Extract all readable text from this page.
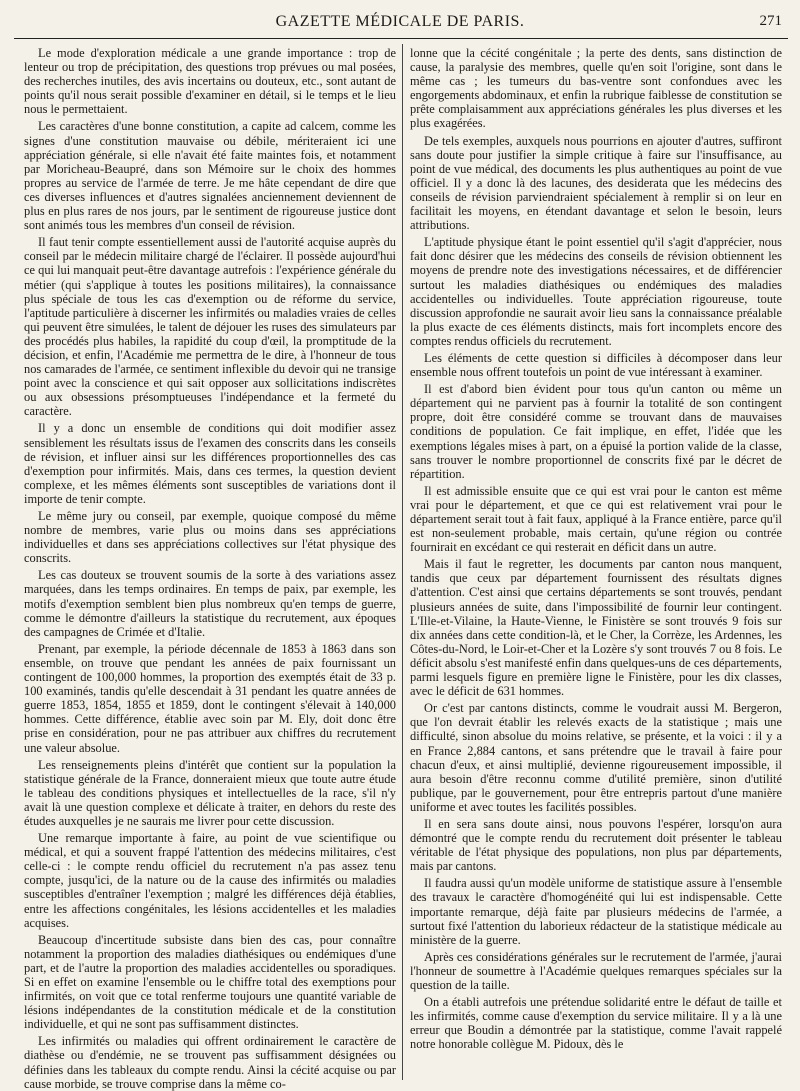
GAZETTE MÉDICALE DE PARIS.	271

Le mode d'exploration médicale a une grande importance : trop de lenteur ou trop de précipitation, des questions trop prévues ou mal posées, des recherches inutiles, des avis incertains ou douteux, etc., sont autant de points qu'il nous serait possible d'examiner en détail, si le temps et le lieu nous le permettaient.

Les caractères d'une bonne constitution, a capite ad calcem, comme les signes d'une constitution mauvaise ou débile, mériteraient ici une appréciation générale, si elle n'avait été faite maintes fois, et notamment par Moricheau-Beaupré, dans son Mémoire sur le choix des hommes propres au service de l'armée de terre. Je me hâte cependant de dire que ces diverses influences et d'autres signalées anciennement deviennent de plus en plus rares de nos jours, par le sentiment de rigoureuse justice dont sont animés tous les membres d'un conseil de révision.

Il faut tenir compte essentiellement aussi de l'autorité acquise auprès du conseil par le médecin militaire chargé de l'éclairer. Il possède aujourd'hui ce qui lui manquait peut-être davantage autrefois : l'expérience générale du métier (qui s'applique à toutes les positions militaires), la connaissance plus spéciale de tous les cas d'exemption ou de réforme du service, l'aptitude particulière à discerner les infirmités ou maladies vraies de celles qui peuvent être simulées, le talent de déjouer les ruses des simulateurs par des procédés plus habiles, la rapidité du coup d'œil, la promptitude de la décision, et enfin, l'Académie me permettra de le dire, à l'honneur de tous nos camarades de l'armée, ce sentiment inflexible du devoir qui ne transige point avec la conscience et qui sait opposer aux sollicitations indiscrètes ou aux obsessions présomptueuses l'indépendance et la fermeté du caractère.

Il y a donc un ensemble de conditions qui doit modifier assez sensiblement les résultats issus de l'examen des conscrits dans les conseils de révision, et influer ainsi sur les différences proportionnelles des cas d'exemption pour infirmités. Mais, dans ces termes, la question devient complexe, et les mêmes éléments sont susceptibles de variations dont il importe de tenir compte.

Le même jury ou conseil, par exemple, quoique composé du même nombre de membres, varie plus ou moins dans ses appréciations individuelles et dans ses appréciations collectives sur l'état physique des conscrits.

Les cas douteux se trouvent soumis de la sorte à des variations assez marquées, dans les temps ordinaires. En temps de paix, par exemple, les motifs d'exemption semblent bien plus nombreux qu'en temps de guerre, comme le démontre d'ailleurs la statistique du recrutement, aux époques des campagnes de Crimée et d'Italie.

Prenant, par exemple, la période décennale de 1853 à 1863 dans son ensemble, on trouve que pendant les années de paix fournissant un contingent de 100,000 hommes, la proportion des exemptés était de 33 p. 100 examinés, tandis qu'elle descendait à 31 pendant les quatre années de guerre 1853, 1854, 1855 et 1859, dont le contingent s'élevait à 140,000 hommes. Cette différence, établie avec soin par M. Ely, doit donc être prise en considération, pour ne pas attribuer aux chiffres du recrutement une valeur absolue.

Les renseignements pleins d'intérêt que contient sur la population la statistique générale de la France, donneraient mieux que toute autre étude le tableau des conditions physiques et intellectuelles de la race, s'il n'y avait là une question complexe et délicate à traiter, en dehors du reste des études auxquelles je ne saurais me livrer pour cette discussion.

Une remarque importante à faire, au point de vue scientifique ou médical, et qui a souvent frappé l'attention des médecins militaires, c'est celle-ci : le compte rendu officiel du recrutement n'a pas assez tenu compte, jusqu'ici, de la nature ou de la cause des infirmités ou maladies susceptibles d'entraîner l'exemption ; malgré les différences déjà établies, entre les affections congénitales, les lésions accidentelles et les maladies acquises.

Beaucoup d'incertitude subsiste dans bien des cas, pour connaître notamment la proportion des maladies diathésiques ou endémiques d'une part, et de l'autre la proportion des maladies accidentelles ou sporadiques. Si en effet on examine l'ensemble ou le chiffre total des exemptions pour infirmités, on voit que ce total renferme toujours une quantité variable de lésions indépendantes de la constitution médicale et de la constitution individuelle, et qui ne sont pas suffisamment distinctes.

Les infirmités ou maladies qui offrent ordinairement le caractère de diathèse ou d'endémie, ne se trouvent pas suffisamment désignées ou définies dans les tableaux du compte rendu. Ainsi la cécité acquise ou par cause morbide, se trouve comprise dans la même co-

lonne que la cécité congénitale ; la perte des dents, sans distinction de cause, la paralysie des membres, quelle qu'en soit l'origine, sont dans le même cas ; les tumeurs du bas-ventre sont confondues avec les engorgements abdominaux, et enfin la rubrique faiblesse de constitution se prête complaisamment aux appréciations générales les plus diverses et les plus exagérées.

De tels exemples, auxquels nous pourrions en ajouter d'autres, suffiront sans doute pour justifier la simple critique à faire sur l'insuffisance, au point de vue médical, des documents les plus authentiques au point de vue officiel. Il y a donc là des lacunes, des desiderata que les médecins des conseils de révision parviendraient spécialement à remplir si on leur en facilitait les moyens, en étendant davantage et selon le besoin, leurs attributions.

L'aptitude physique étant le point essentiel qu'il s'agit d'apprécier, nous fait donc désirer que les médecins des conseils de révision obtiennent les moyens de prendre note des investigations nécessaires, et de différencier surtout les maladies diathésiques ou endémiques des maladies accidentelles ou individuelles. Toute appréciation rigoureuse, toute discussion approfondie ne saurait avoir lieu sans la connaissance préalable la plus exacte de ces éléments distincts, mais fort incomplets encore des comptes rendus officiels du recrutement.

Les éléments de cette question si difficiles à décomposer dans leur ensemble nous offrent toutefois un point de vue intéressant à examiner.

Il est d'abord bien évident pour tous qu'un canton ou même un département qui ne parvient pas à fournir la totalité de son contingent propre, doit être considéré comme se trouvant dans de mauvaises conditions de population. Ce fait implique, en effet, l'idée que les exemptions légales mises à part, on a épuisé la portion valide de la classe, sans trouver le nombre proportionnel de conscrits fixé par le décret de répartition.

Il est admissible ensuite que ce qui est vrai pour le canton est même vrai pour le département, et que ce qui est relativement vrai pour le département serait tout à fait faux, appliqué à la France entière, parce qu'il est non-seulement probable, mais certain, qu'une région ou contrée fournirait en excédant ce qui resterait en déficit dans un autre.

Mais il faut le regretter, les documents par canton nous manquent, tandis que ceux par département fournissent des résultats dignes d'attention. C'est ainsi que certains départements se sont trouvés, pendant plusieurs années de suite, dans l'impossibilité de fournir leur contingent. L'Ille-et-Vilaine, la Haute-Vienne, le Finistère se sont trouvés 9 fois sur dix années dans cette condition-là, et le Cher, la Corrèze, les Ardennes, les Côtes-du-Nord, le Loir-et-Cher et la Lozère s'y sont trouvés 7 ou 8 fois. Le déficit absolu s'est manifesté enfin dans quelques-uns de ces départements, parmi lesquels figure en première ligne le Finistère, pour les dix classes, avec le déficit de 631 hommes.

Or c'est par cantons distincts, comme le voudrait aussi M. Bergeron, que l'on devrait établir les relevés exacts de la statistique ; mais une difficulté, sinon absolue du moins relative, se présente, et la voici : il y a en France 2,884 cantons, et sans prétendre que le travail à faire pour chacun d'eux, et ainsi multiplié, devienne rigoureusement impossible, il aura besoin d'être reconnu comme d'utilité première, sinon d'utilité publique, par le gouvernement, pour être entrepris partout d'une manière uniforme et avec toutes les facilités possibles.

Il en sera sans doute ainsi, nous pouvons l'espérer, lorsqu'on aura démontré que le compte rendu du recrutement doit présenter le tableau véritable de l'état physique des populations, non plus par départements, mais par cantons.

Il faudra aussi qu'un modèle uniforme de statistique assure à l'ensemble des travaux le caractère d'homogénéité qui lui est indispensable. Cette importante remarque, déjà faite par plusieurs médecins de l'armée, a surtout fixé l'attention du laborieux rédacteur de la statistique médicale au ministère de la guerre.

Après ces considérations générales sur le recrutement de l'armée, j'aurai l'honneur de soumettre à l'Académie quelques remarques spéciales sur la question de la taille.

On a établi autrefois une prétendue solidarité entre le défaut de taille et les infirmités, comme cause d'exemption du service militaire. Il y a là une erreur que Boudin a démontrée par la statistique, comme l'avait rappelé notre honorable collègue M. Pidoux, dès le
